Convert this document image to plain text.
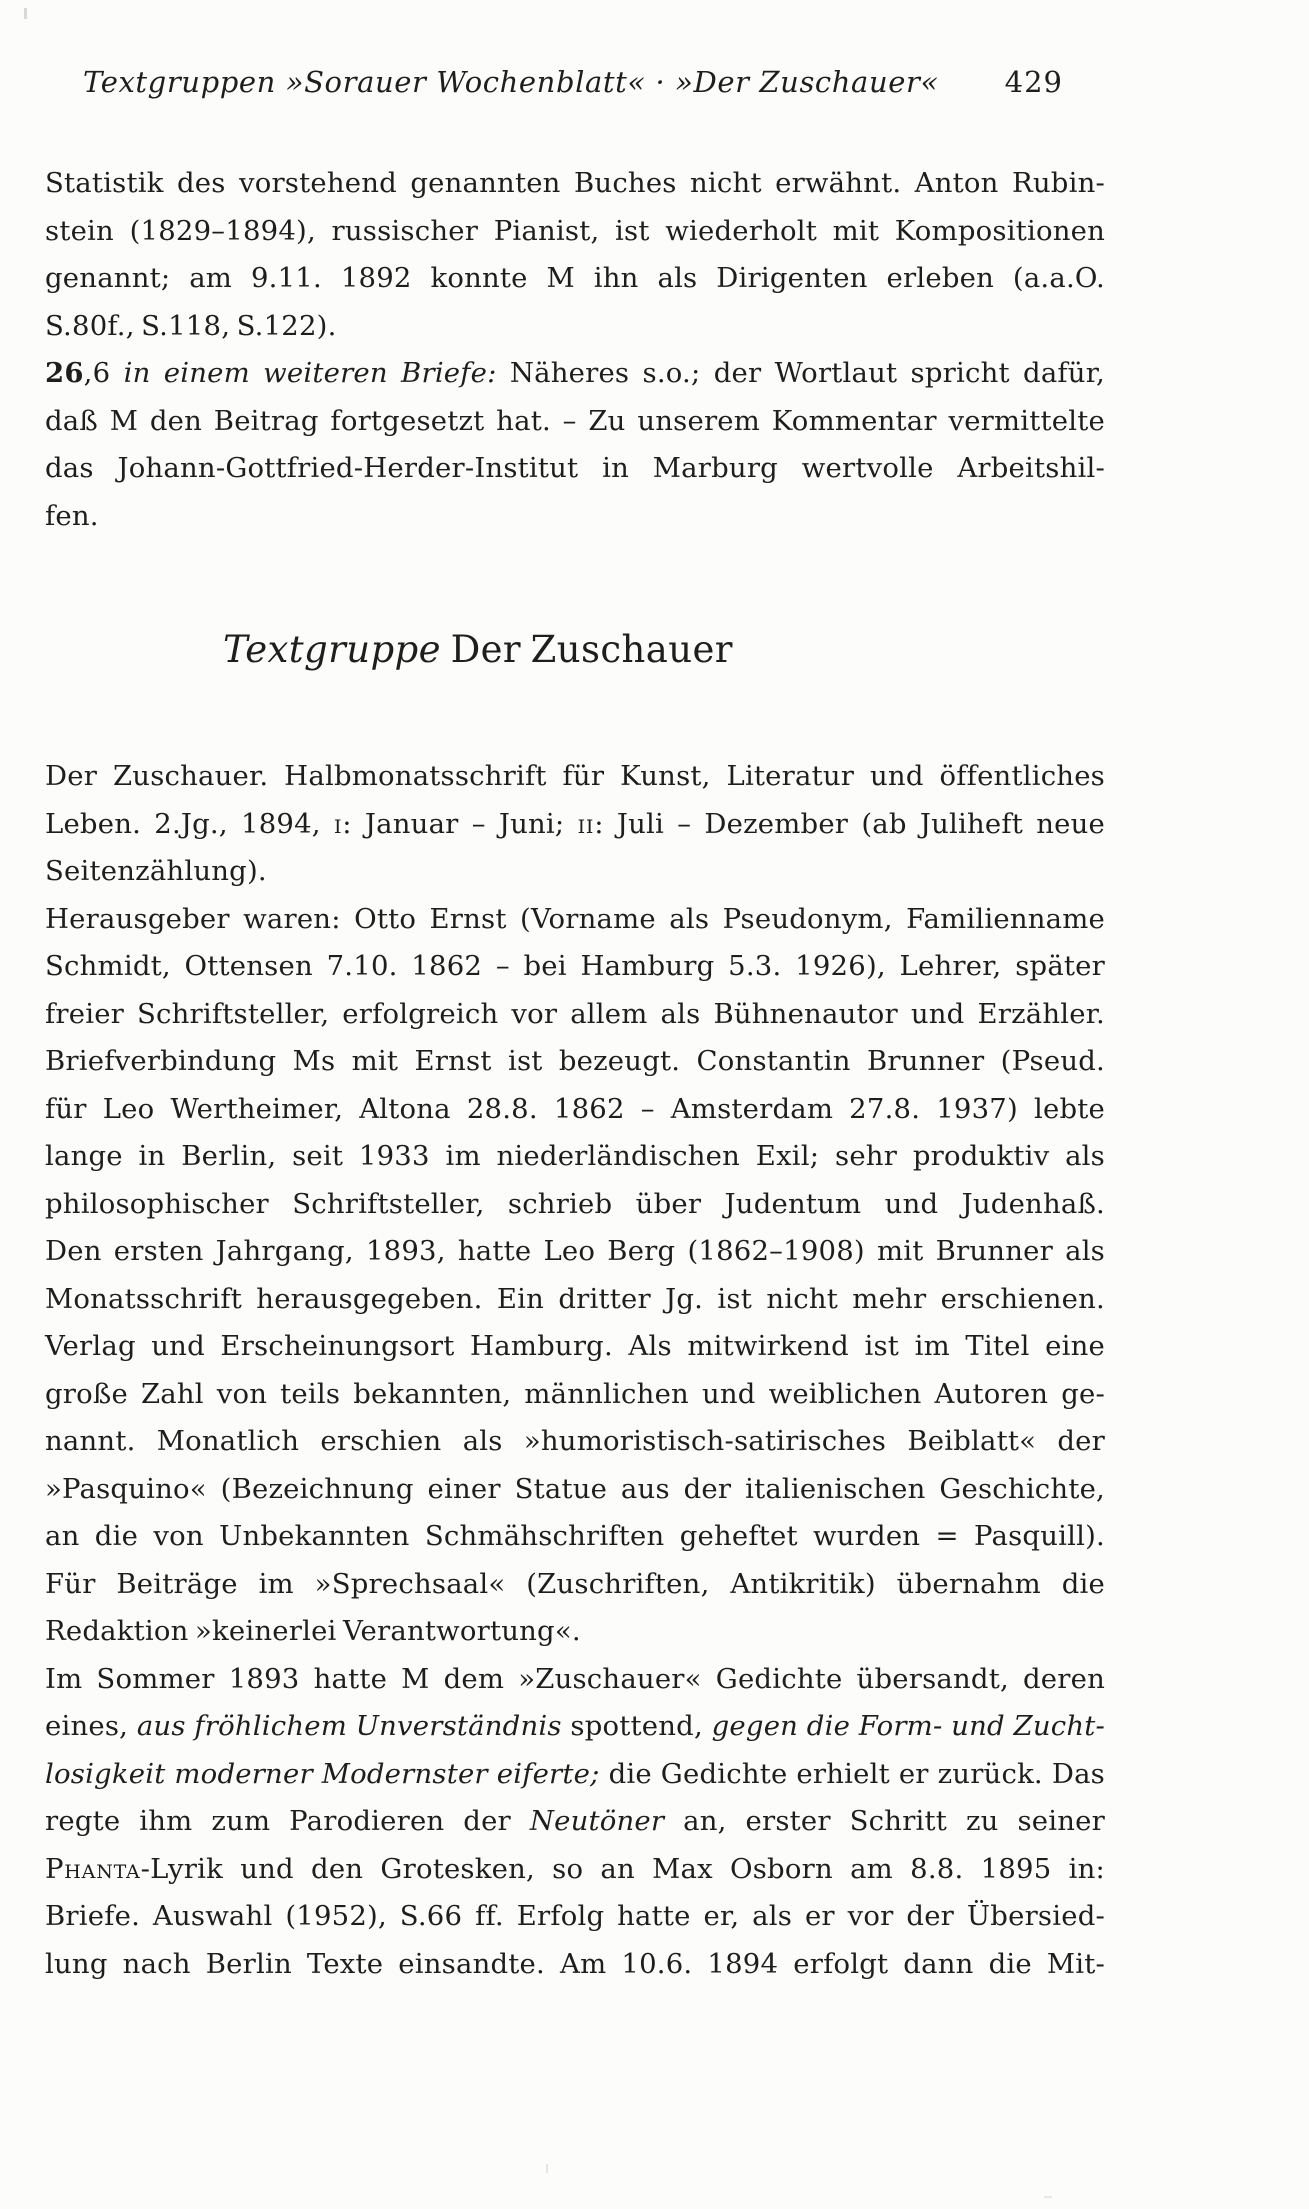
Textgruppen »Sorauer Wochenblatt« · »Der Zuschauer« 429
Statistik des vorstehend genannten Buches nicht erwähnt. Anton Rubin-
stein (1829–1894), russischer Pianist, ist wiederholt mit Kompositionen
genannt; am 9.11. 1892 konnte M ihn als Dirigenten erleben (a.a.O.
S.80f., S.118, S.122).
26,6 in einem weiteren Briefe: Näheres s.o.; der Wortlaut spricht dafür,
daß M den Beitrag fortgesetzt hat. – Zu unserem Kommentar vermittelte
das Johann-Gottfried-Herder-Institut in Marburg wertvolle Arbeitshil-
fen.
Textgruppe Der Zuschauer
Der Zuschauer. Halbmonatsschrift für Kunst, Literatur und öffentliches
Leben. 2.Jg., 1894, i: Januar – Juni; ii: Juli – Dezember (ab Juliheft neue
Seitenzählung).
Herausgeber waren: Otto Ernst (Vorname als Pseudonym, Familienname
Schmidt, Ottensen 7.10. 1862 – bei Hamburg 5.3. 1926), Lehrer, später
freier Schriftsteller, erfolgreich vor allem als Bühnenautor und Erzähler.
Briefverbindung Ms mit Ernst ist bezeugt. Constantin Brunner (Pseud.
für Leo Wertheimer, Altona 28.8. 1862 – Amsterdam 27.8. 1937) lebte
lange in Berlin, seit 1933 im niederländischen Exil; sehr produktiv als
philosophischer Schriftsteller, schrieb über Judentum und Judenhaß.
Den ersten Jahrgang, 1893, hatte Leo Berg (1862–1908) mit Brunner als
Monatsschrift herausgegeben. Ein dritter Jg. ist nicht mehr erschienen.
Verlag und Erscheinungsort Hamburg. Als mitwirkend ist im Titel eine
große Zahl von teils bekannten, männlichen und weiblichen Autoren ge-
nannt. Monatlich erschien als »humoristisch-satirisches Beiblatt« der
»Pasquino« (Bezeichnung einer Statue aus der italienischen Geschichte,
an die von Unbekannten Schmähschriften geheftet wurden = Pasquill).
Für Beiträge im »Sprechsaal« (Zuschriften, Antikritik) übernahm die
Redaktion »keinerlei Verantwortung«.
Im Sommer 1893 hatte M dem »Zuschauer« Gedichte übersandt, deren
eines, aus fröhlichem Unverständnis spottend, gegen die Form- und Zucht-
losigkeit moderner Modernster eiferte; die Gedichte erhielt er zurück. Das
regte ihm zum Parodieren der Neutöner an, erster Schritt zu seiner
Phanta-Lyrik und den Grotesken, so an Max Osborn am 8.8. 1895 in:
Briefe. Auswahl (1952), S.66 ff. Erfolg hatte er, als er vor der Übersied-
lung nach Berlin Texte einsandte. Am 10.6. 1894 erfolgt dann die Mit-
